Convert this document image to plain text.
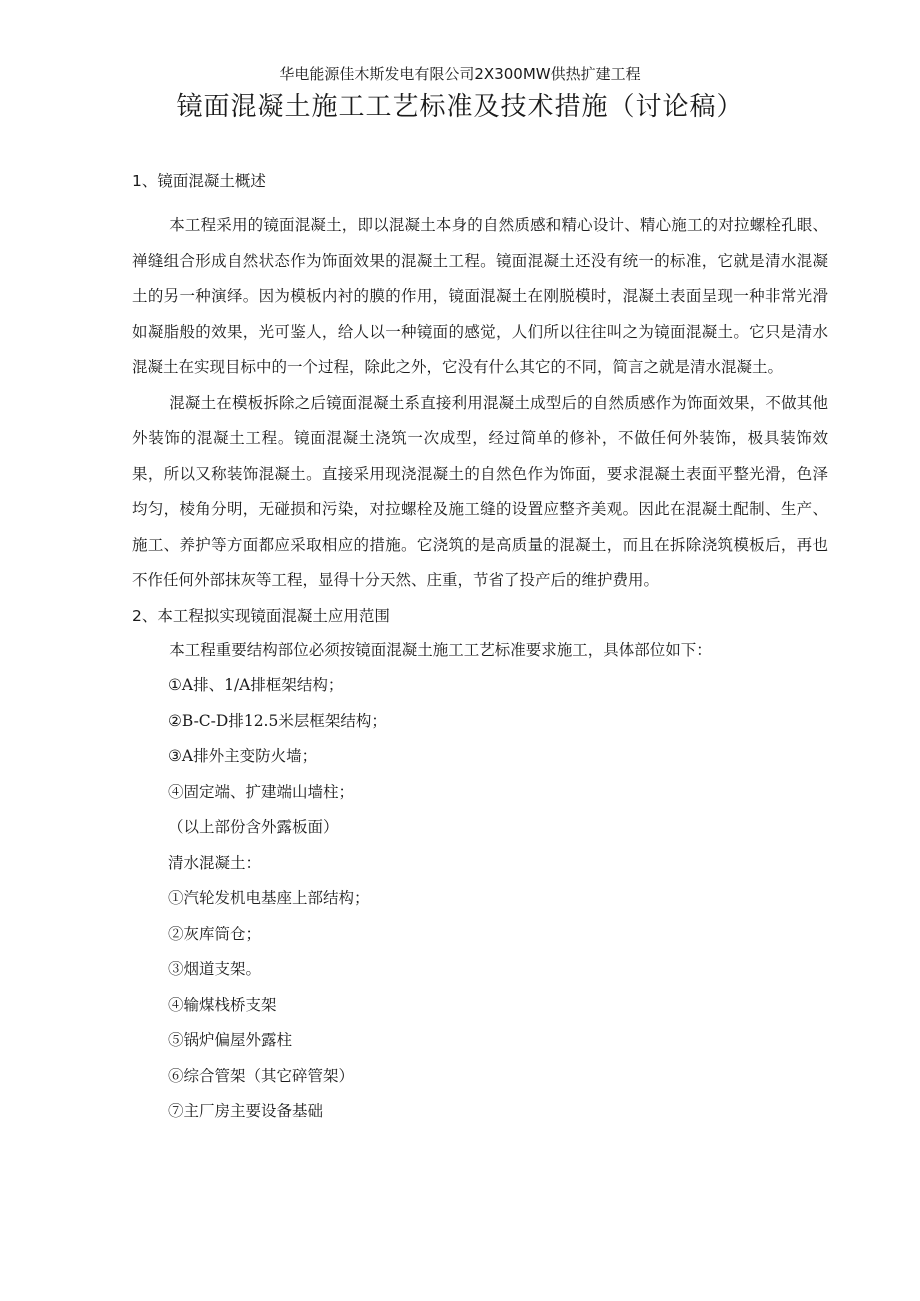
华电能源佳木斯发电有限公司2X300MW供热扩建工程

镜面混凝土施工工艺标准及技术措施（讨论稿）
1、镜面混凝土概述

本工程采用的镜面混凝土，即以混凝土本身的自然质感和精心设计、精心施工的对拉螺栓孔眼、禅缝组合形成自然状态作为饰面效果的混凝土工程。镜面混凝土还没有统一的标准，它就是清水混凝土的另一种演绎。因为模板内衬的膜的作用，镜面混凝土在刚脱模时，混凝土表面呈现一种非常光滑如凝脂般的效果，光可鉴人，给人以一种镜面的感觉，人们所以往往叫之为镜面混凝土。它只是清水混凝土在实现目标中的一个过程，除此之外，它没有什么其它的不同，简言之就是清水混凝土。

混凝土在模板拆除之后镜面混凝土系直接利用混凝土成型后的自然质感作为饰面效果，不做其他外装饰的混凝土工程。镜面混凝土浇筑一次成型，经过简单的修补，不做任何外装饰，极具装饰效果，所以又称装饰混凝土。直接采用现浇混凝土的自然色作为饰面，要求混凝土表面平整光滑，色泽均匀，棱角分明，无碰损和污染，对拉螺栓及施工缝的设置应整齐美观。因此在混凝土配制、生产、施工、养护等方面都应采取相应的措施。它浇筑的是高质量的混凝土，而且在拆除浇筑模板后，再也不作任何外部抹灰等工程，显得十分天然、庄重，节省了投产后的维护费用。

2、本工程拟实现镜面混凝土应用范围

本工程重要结构部位必须按镜面混凝土施工工艺标准要求施工，具体部位如下：

①A排、1/A排框架结构；

②B-C-D排12.5米层框架结构；

③A排外主变防火墙；

④固定端、扩建端山墙柱；

（以上部份含外露板面）

清水混凝土：

①汽轮发机电基座上部结构；

②灰库筒仓；

③烟道支架。

④输煤栈桥支架

⑤锅炉偏屋外露柱

⑥综合管架（其它碎管架）

⑦主厂房主要设备基础
